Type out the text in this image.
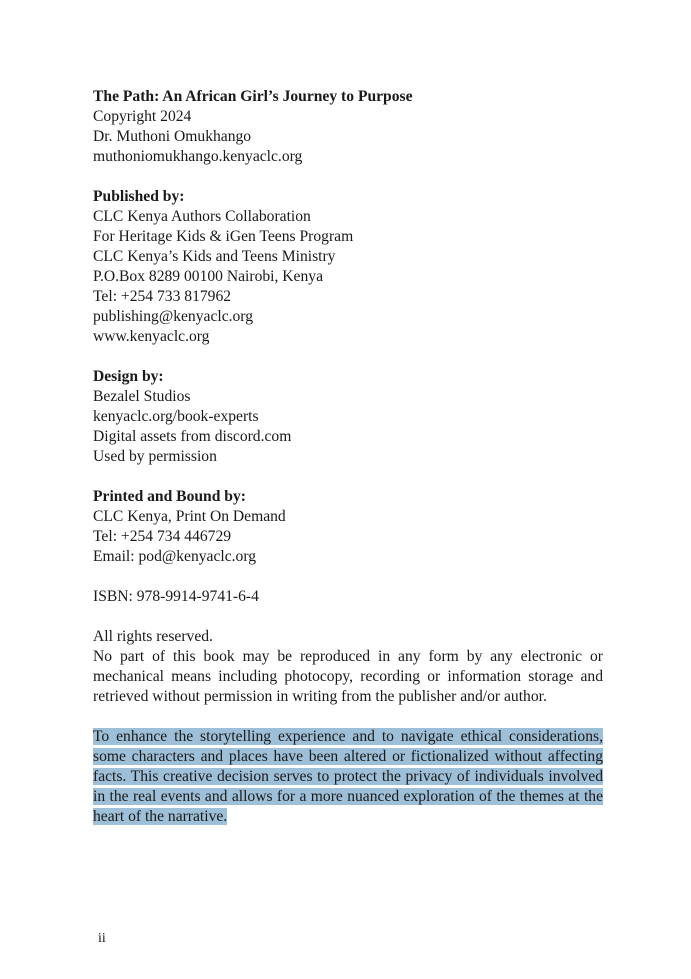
The Path: An African Girl’s Journey to Purpose
Copyright 2024
Dr. Muthoni Omukhango
muthoniomukhango.kenyaclc.org
Published by:
CLC Kenya Authors Collaboration
For Heritage Kids & iGen Teens Program
CLC Kenya’s Kids and Teens Ministry
P.O.Box 8289 00100 Nairobi, Kenya
Tel: +254 733 817962
publishing@kenyaclc.org
www.kenyaclc.org
Design by:
Bezalel Studios
kenyaclc.org/book-experts
Digital assets from discord.com
Used by permission
Printed and Bound by:
CLC Kenya, Print On Demand
Tel: +254 734 446729
Email: pod@kenyaclc.org
ISBN: 978-9914-9741-6-4
All rights reserved.
No part of this book may be reproduced in any form by any electronic or mechanical means including photocopy, recording or information storage and retrieved without permission in writing from the publisher and/or author.
To enhance the storytelling experience and to navigate ethical considerations, some characters and places have been altered or fictionalized without affecting facts. This creative decision serves to protect the privacy of individuals involved in the real events and allows for a more nuanced exploration of the themes at the heart of the narrative.
ii
